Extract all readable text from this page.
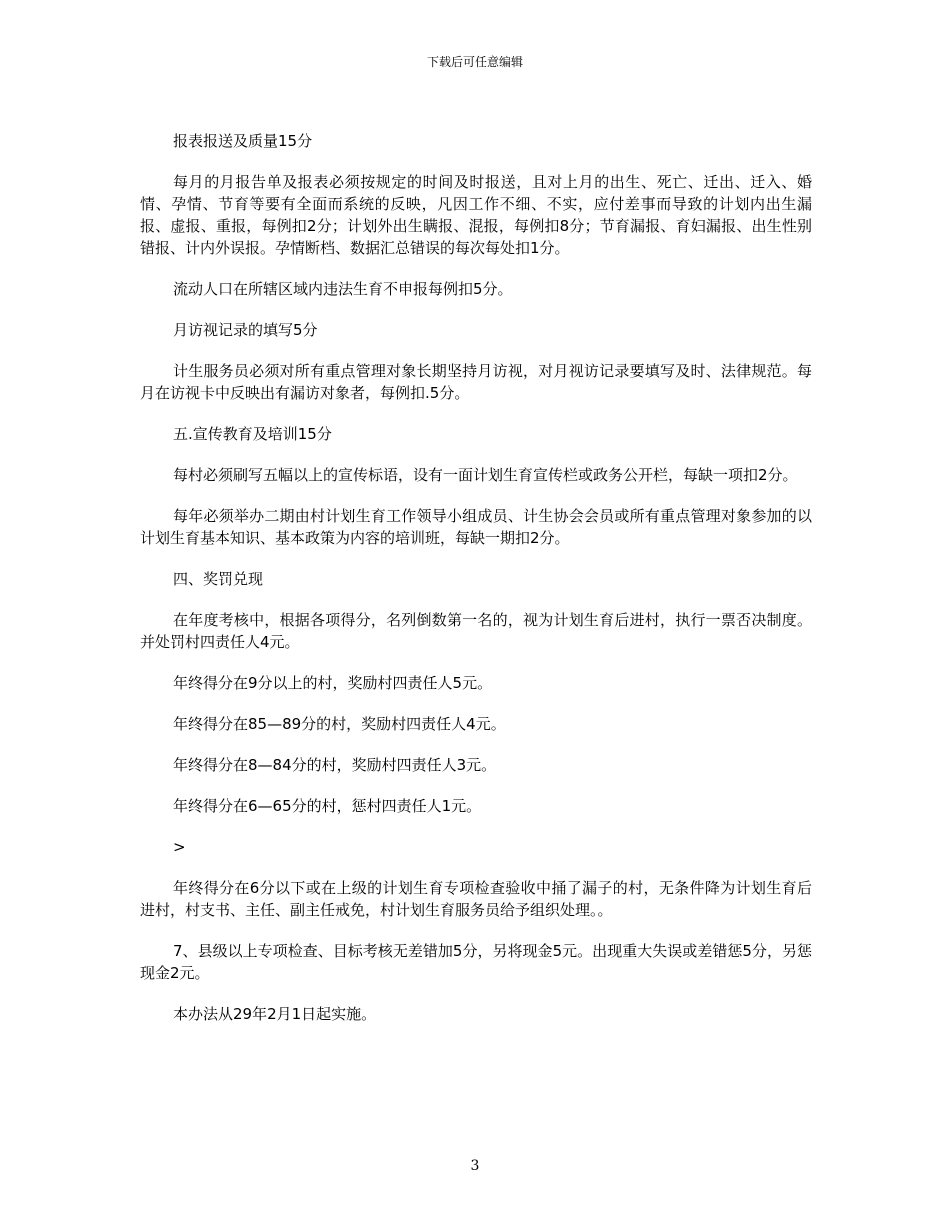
下载后可任意编辑

报表报送及质量15分

每月的月报告单及报表必须按规定的时间及时报送，且对上月的出生、死亡、迁出、迁入、婚情、孕情、节育等要有全面而系统的反映，凡因工作不细、不实，应付差事而导致的计划内出生漏报、虚报、重报，每例扣2分；计划外出生瞒报、混报，每例扣8分；节育漏报、育妇漏报、出生性别错报、计内外误报。孕情断档、数据汇总错误的每次每处扣1分。

流动人口在所辖区域内违法生育不申报每例扣5分。

月访视记录的填写5分

计生服务员必须对所有重点管理对象长期坚持月访视，对月视访记录要填写及时、法律规范。每月在访视卡中反映出有漏访对象者，每例扣.5分。

五.宣传教育及培训15分

每村必须刷写五幅以上的宣传标语，设有一面计划生育宣传栏或政务公开栏，每缺一项扣2分。

每年必须举办二期由村计划生育工作领导小组成员、计生协会会员或所有重点管理对象参加的以计划生育基本知识、基本政策为内容的培训班，每缺一期扣2分。

四、奖罚兑现

在年度考核中，根据各项得分，名列倒数第一名的，视为计划生育后进村，执行一票否决制度。并处罚村四责任人4元。

年终得分在9分以上的村，奖励村四责任人5元。

年终得分在85—89分的村，奖励村四责任人4元。

年终得分在8—84分的村，奖励村四责任人3元。

年终得分在6—65分的村，惩村四责任人1元。

>

年终得分在6分以下或在上级的计划生育专项检查验收中捅了漏子的村，无条件降为计划生育后进村，村支书、主任、副主任戒免，村计划生育服务员给予组织处理。。

7、县级以上专项检查、目标考核无差错加5分，另将现金5元。出现重大失误或差错惩5分，另惩现金2元。

本办法从29年2月1日起实施。

3
